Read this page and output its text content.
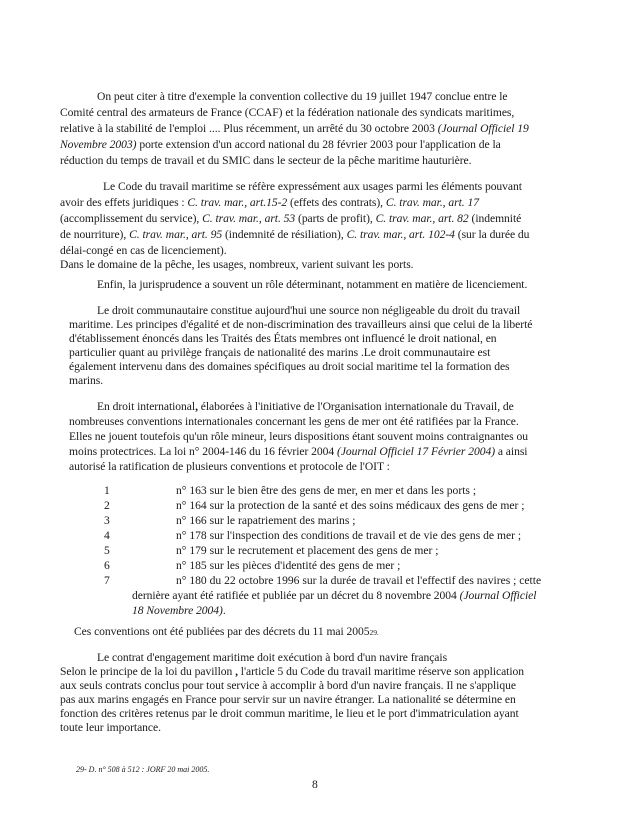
On peut citer à titre d'exemple la convention collective du 19 juillet 1947 conclue entre le

Comité central des armateurs de France (CCAF) et la fédération nationale des syndicats maritimes,

relative à la stabilité de l'emploi .... Plus récemment, un arrêté du 30 octobre 2003 (Journal Officiel 19

Novembre 2003) porte extension d'un accord national du 28 février 2003 pour l'application de la

réduction du temps de travail et du SMIC dans le secteur de la pêche maritime hauturière.

Le Code du travail maritime se réfère expressément aux usages parmi les éléments pouvant

avoir des effets juridiques : C. trav. mar., art.15-2 (effets des contrats), C. trav. mar., art. 17

(accomplissement du service), C. trav. mar., art. 53 (parts de profit), C. trav. mar., art. 82 (indemnité

de nourriture), C. trav. mar., art. 95 (indemnité de résiliation), C. trav. mar., art. 102-4 (sur la durée du

délai-congé en cas de licenciement).

Dans le domaine de la pêche, les usages, nombreux, varient suivant les ports.

Enfin, la jurisprudence a souvent un rôle déterminant, notamment en matière de licenciement.

Le droit communautaire constitue aujourd'hui une source non négligeable du droit du travail

maritime. Les principes d'égalité et de non-discrimination des travailleurs ainsi que celui de la liberté

d'établissement énoncés dans les Traités des États membres ont influencé le droit national, en

particulier quant au privilège français de nationalité des marins .Le droit communautaire est

également intervenu dans des domaines spécifiques au droit social maritime tel la formation des

marins.

En droit international, élaborées à l'initiative de l'Organisation internationale du Travail, de

nombreuses conventions internationales concernant les gens de mer ont été ratifiées par la France.

Elles ne jouent toutefois qu'un rôle mineur, leurs dispositions étant souvent moins contraignantes ou

moins protectrices. La loi n° 2004-146 du 16 février 2004 (Journal Officiel 17 Février 2004) a ainsi

autorisé la ratification de plusieurs conventions et protocole de l'OIT :

1	n° 163 sur le bien être des gens de mer, en mer et dans les ports ;
2	n° 164 sur la protection de la santé et des soins médicaux des gens de mer ;
3	n° 166 sur le rapatriement des marins ;
4	n° 178 sur l'inspection des conditions de travail et de vie des gens de mer ;
5	n° 179 sur le recrutement et placement des gens de mer ;
6	n° 185 sur les pièces d'identité des gens de mer ;
7	n° 180 du 22 octobre 1996 sur la durée de travail et l'effectif des navires ; cette

dernière ayant été ratifiée et publiée par un décret du 8 novembre 2004 (Journal Officiel

18 Novembre 2004).

Ces conventions ont été publiées par des décrets du 11 mai 200529.

Le contrat d'engagement maritime doit exécution à bord d'un navire français

Selon le principe de la loi du pavillon , l'article 5 du Code du travail maritime réserve son application

aux seuls contrats conclus pour tout service à accomplir à bord d'un navire français. Il ne s'applique

pas aux marins engagés en France pour servir sur un navire étranger. La nationalité se détermine en

fonction des critères retenus par le droit commun maritime, le lieu et le port d'immatriculation ayant

toute leur importance.

29- D. n° 508 à 512 : JORF 20 mai 2005.
8
